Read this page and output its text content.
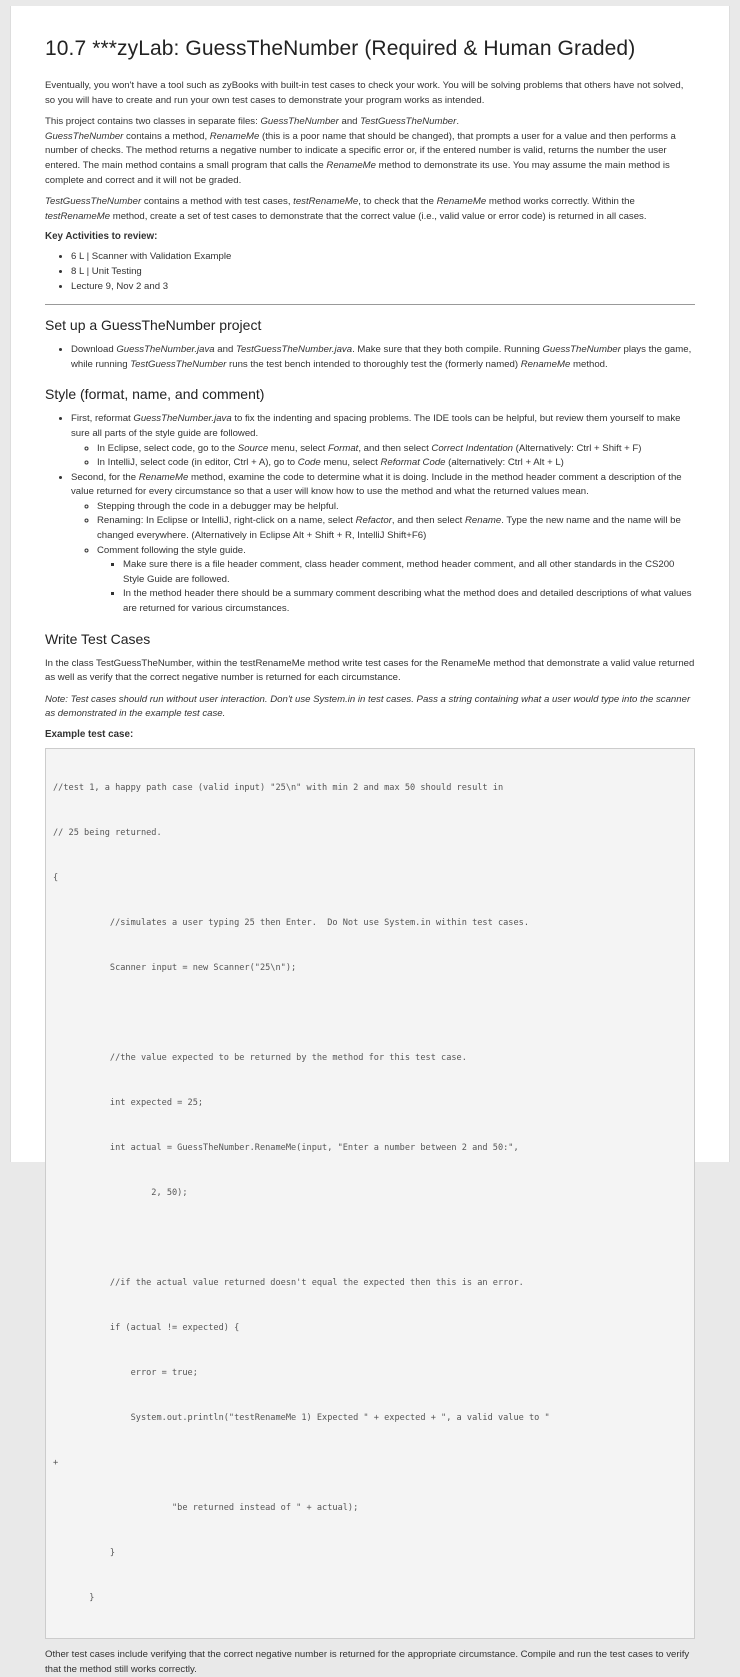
10.7 ***zyLab: GuessTheNumber (Required & Human Graded)

Eventually, you won't have a tool such as zyBooks with built-in test cases to check your work. You will be solving problems that others have not solved, so you will have to create and run your own test cases to demonstrate your program works as intended.

This project contains two classes in separate files: GuessTheNumber and TestGuessTheNumber.
GuessTheNumber contains a method, RenameMe (this is a poor name that should be changed), that prompts a user for a value and then performs a number of checks. The method returns a negative number to indicate a specific error or, if the entered number is valid, returns the number the user entered. The main method contains a small program that calls the RenameMe method to demonstrate its use. You may assume the main method is complete and correct and it will not be graded.

TestGuessTheNumber contains a method with test cases, testRenameMe, to check that the RenameMe method works correctly. Within the testRenameMe method, create a set of test cases to demonstrate that the correct value (i.e., valid value or error code) is returned in all cases.

Key Activities to review:
• 6 L | Scanner with Validation Example
• 8 L | Unit Testing
• Lecture 9, Nov 2 and 3
Set up a GuessTheNumber project
• Download GuessTheNumber.java and TestGuessTheNumber.java. Make sure that they both compile. Running GuessTheNumber plays the game, while running TestGuessTheNumber runs the test bench intended to thoroughly test the (formerly named) RenameMe method.
Style (format, name, and comment)
• First, reformat GuessTheNumber.java to fix the indenting and spacing problems. The IDE tools can be helpful, but review them yourself to make sure all parts of the style guide are followed.
◦ In Eclipse, select code, go to the Source menu, select Format, and then select Correct Indentation (Alternatively: Ctrl + Shift + F)
◦ In IntelliJ, select code (in editor, Ctrl + A), go to Code menu, select Reformat Code (alternatively: Ctrl + Alt + L)
• Second, for the RenameMe method, examine the code to determine what it is doing. Include in the method header comment a description of the value returned for every circumstance so that a user will know how to use the method and what the returned values mean.
◦ Stepping through the code in a debugger may be helpful.
◦ Renaming: In Eclipse or IntelliJ, right-click on a name, select Refactor, and then select Rename. Type the new name and the name will be changed everywhere. (Alternatively in Eclipse Alt + Shift + R, IntelliJ Shift+F6)
◦ Comment following the style guide.
▪ Make sure there is a file header comment, class header comment, method header comment, and all other standards in the CS200 Style Guide are followed.
▪ In the method header there should be a summary comment describing what the method does and detailed descriptions of what values are returned for various circumstances.
Write Test Cases

In the class TestGuessTheNumber, within the testRenameMe method write test cases for the RenameMe method that demonstrate a valid value returned as well as verify that the correct negative number is returned for each circumstance.

Note: Test cases should run without user interaction. Don't use System.in in test cases. Pass a string containing what a user would type into the scanner as demonstrated in the example test case.

Example test case:

//test 1, a happy path case (valid input) "25\n" with min 2 and max 50 should result in

// 25 being returned.

{

//simulates a user typing 25 then Enter.  Do Not use System.in within test cases.

Scanner input = new Scanner("25\n");

//the value expected to be returned by the method for this test case.

int expected = 25;

int actual = GuessTheNumber.RenameMe(input, "Enter a number between 2 and 50:",

2, 50);

//if the actual value returned doesn't equal the expected then this is an error.

if (actual != expected) {

error = true;

System.out.println("testRenameMe 1) Expected " + expected + ", a valid value to "

+

"be returned instead of " + actual);

}

}

Other test cases include verifying that the correct negative number is returned for the appropriate circumstance. Compile and run the test cases to verify that the method still works correctly.
